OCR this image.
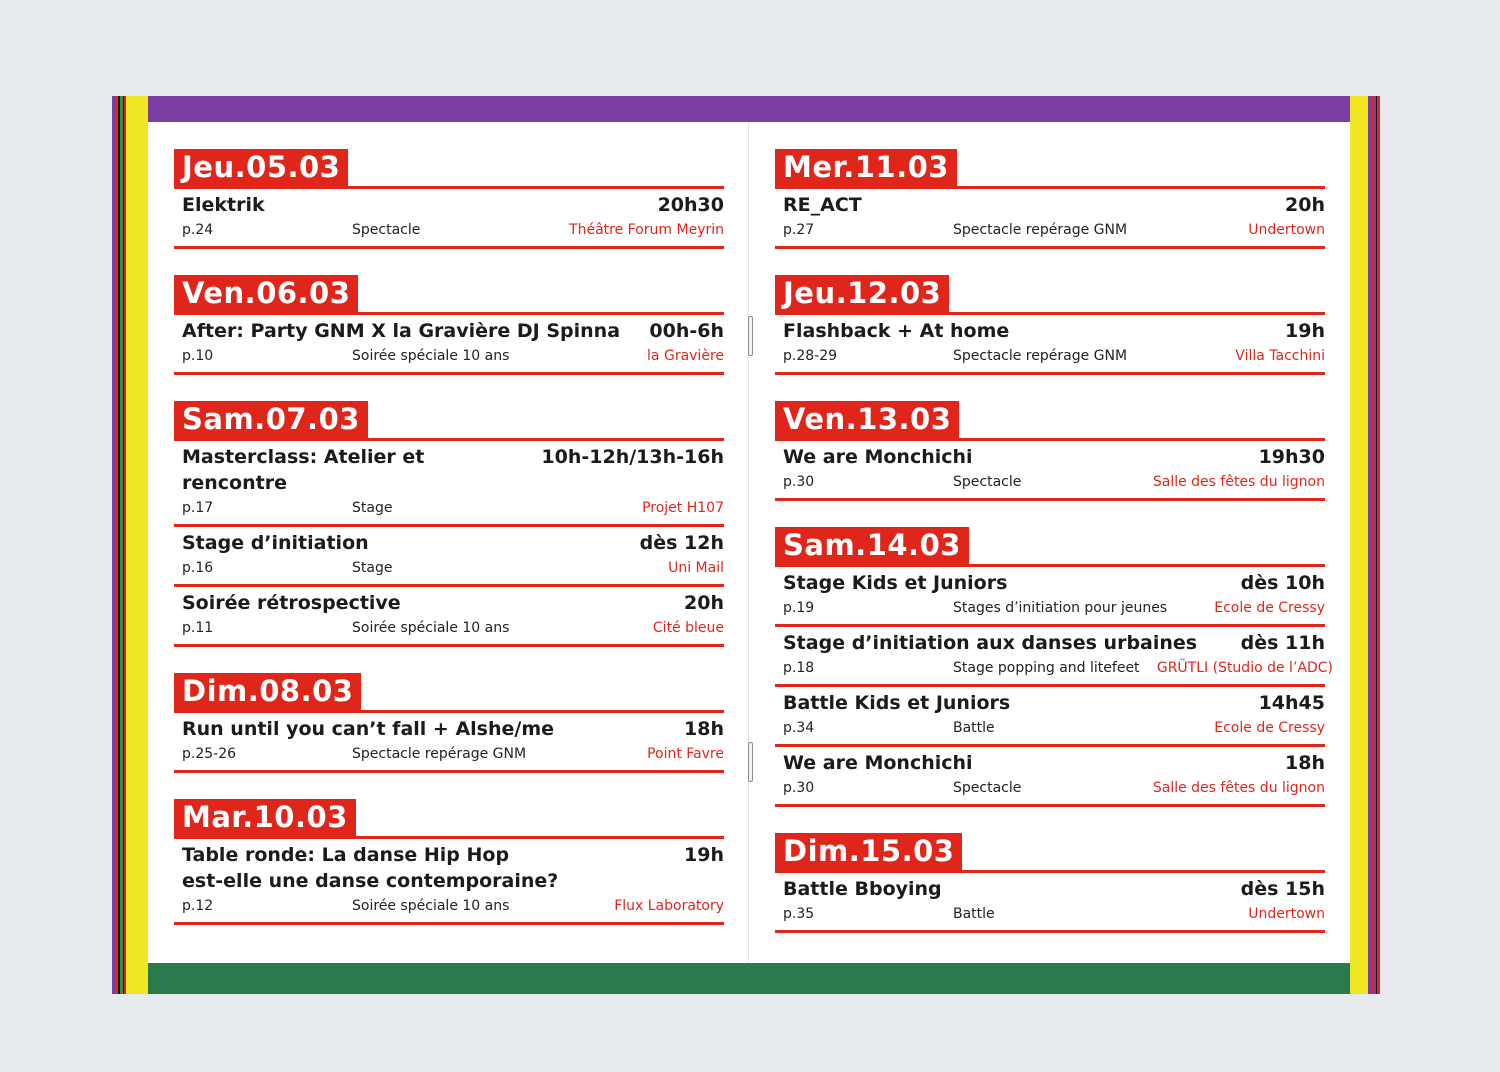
Jeu.05.03
Elektrik	20h30
p.24	Spectacle	Théâtre Forum Meyrin
Ven.06.03
After: Party GNM X la Gravière DJ Spinna	00h-6h
p.10	Soirée spéciale 10 ans	la Gravière
Sam.07.03
Masterclass: Atelier et rencontre
10h-12h/13h-16h
p.17	Stage	Projet H107
Stage d’initiation	dès 12h
p.16	Stage	Uni Mail
Soirée rétrospective	20h
p.11	Soirée spéciale 10 ans	Cité bleue
Dim.08.03
Run until you can’t fall + Alshe/me	18h
p.25-26	Spectacle repérage GNM	Point Favre
Mar.10.03
Table ronde: La danse Hip Hop
est-elle une danse contemporaine?
19h
p.12	Soirée spéciale 10 ans	Flux Laboratory
Mer.11.03
RE_ACT	20h
p.27	Spectacle repérage GNM	Undertown
Jeu.12.03
Flashback + At home	19h
p.28-29	Spectacle repérage GNM	Villa Tacchini
Ven.13.03
We are Monchichi	19h30
p.30	Spectacle	Salle des fêtes du lignon
Sam.14.03
Stage Kids et Juniors	dès 10h
p.19	Stages d’initiation pour jeunes	Ecole de Cressy
Stage d’initiation aux danses urbaines	dès 11h
p.18	Stage popping and litefeet	GRÜTLI (Studio de l’ADC)
Battle Kids et Juniors	14h45
p.34	Battle	Ecole de Cressy
We are Monchichi	18h
p.30	Spectacle	Salle des fêtes du lignon
Dim.15.03
Battle Bboying	dès 15h
p.35	Battle	Undertown
